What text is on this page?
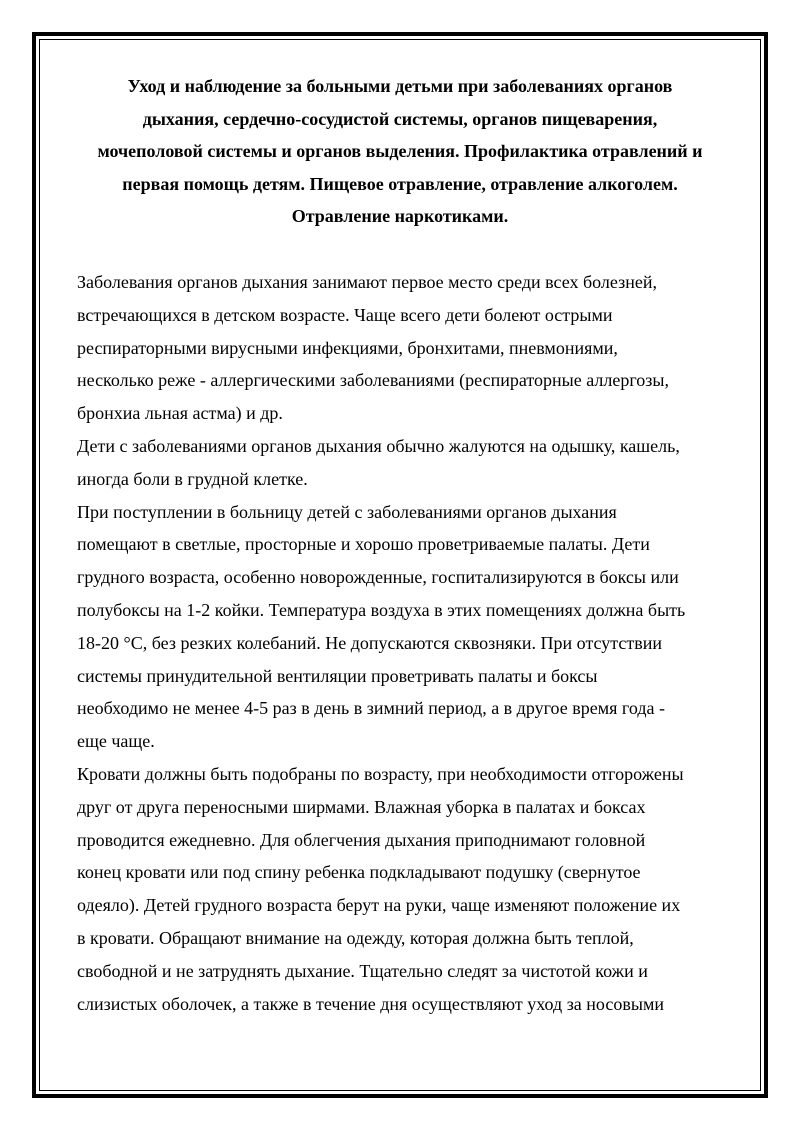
Уход и наблюдение за больными детьми при заболеваниях органов
дыхания, сердечно-сосудистой системы, органов пищеварения,
мочеполовой системы и органов выделения. Профилактика отравлений и
первая помощь детям. Пищевое отравление, отравление алкоголем.
Отравление наркотиками.
Заболевания органов дыхания занимают первое место среди всех болезней,
встречающихся в детском возрасте. Чаще всего дети болеют острыми
респираторными вирусными инфекциями, бронхитами, пневмониями,
несколько реже - аллергическими заболеваниями (респираторные аллергозы,
бронхиа льная астма) и др.
Дети с заболеваниями органов дыхания обычно жалуются на одышку, кашель,
иногда боли в грудной клетке.
При поступлении в больницу детей с заболеваниями органов дыхания
помещают в светлые, просторные и хорошо проветриваемые палаты. Дети
грудного возраста, особенно новорожденные, госпитализируются в боксы или
полубоксы на 1-2 койки. Температура воздуха в этих помещениях должна быть
18-20 °С, без резких колебаний. Не допускаются сквозняки. При отсутствии
системы принудительной вентиляции проветривать палаты и боксы
необходимо не менее 4-5 раз в день в зимний период, а в другое время года -
еще чаще.
Кровати должны быть подобраны по возрасту, при необходимости отгорожены
друг от друга переносными ширмами. Влажная уборка в палатах и боксах
проводится ежедневно. Для облегчения дыхания приподнимают головной
конец кровати или под спину ребенка подкладывают подушку (свернутое
одеяло). Детей грудного возраста берут на руки, чаще изменяют положение их
в кровати. Обращают внимание на одежду, которая должна быть теплой,
свободной и не затруднять дыхание. Тщательно следят за чистотой кожи и
слизистых оболочек, а также в течение дня осуществляют уход за носовыми
